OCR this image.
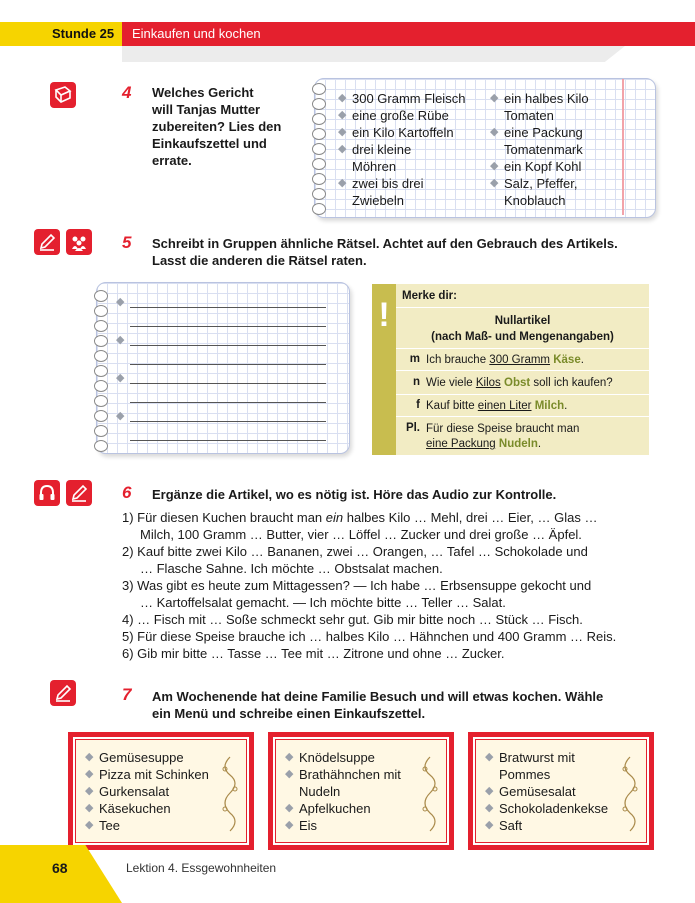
Stunde 25 Einkaufen und kochen
4 Welches Gericht
will Tanjas Mutter
zubereiten? Lies den
Einkaufszettel und
errate.
◆ 300 Gramm Fleisch
◆ eine große Rübe
◆ ein Kilo Kartoffeln
◆ drei kleine
Möhren
◆ zwei bis drei
Zwiebeln
◆ ein halbes Kilo
Tomaten
◆ eine Packung
Tomatenmark
◆ ein Kopf Kohl
◆ Salz, Pfeffer,
Knoblauch
5 Schreibt in Gruppen ähnliche Rätsel. Achtet auf den Gebrauch des Artikels.
Lasst die anderen die Rätsel raten.
◆
◆
◆
◆
! Merke dir:
Nullartikel
(nach Maß- und Mengenangaben)
m Ich brauche 300 Gramm Käse.
n Wie viele Kilos Obst soll ich kaufen?
f Kauf bitte einen Liter Milch.
Pl. Für diese Speise braucht man
eine Packung Nudeln.
6 Ergänze die Artikel, wo es nötig ist. Höre das Audio zur Kontrolle.
1) Für diesen Kuchen braucht man ein halbes Kilo … Mehl, drei … Eier, … Glas …
Milch, 100 Gramm … Butter, vier … Löffel … Zucker und drei große … Äpfel.
2) Kauf bitte zwei Kilo … Bananen, zwei … Orangen, … Tafel … Schokolade und
… Flasche Sahne. Ich möchte … Obstsalat machen.
3) Was gibt es heute zum Mittagessen? — Ich habe … Erbsensuppe gekocht und
… Kartoffelsalat gemacht. — Ich möchte bitte … Teller … Salat.
4) … Fisch mit … Soße schmeckt sehr gut. Gib mir bitte noch … Stück … Fisch.
5) Für diese Speise brauche ich … halbes Kilo … Hähnchen und 400 Gramm … Reis.
6) Gib mir bitte … Tasse … Tee mit … Zitrone und ohne … Zucker.
7 Am Wochenende hat deine Familie Besuch und will etwas kochen. Wähle
ein Menü und schreibe einen Einkaufszettel.
◆ Gemüsesuppe
◆ Pizza mit Schinken
◆ Gurkensalat
◆ Käsekuchen
◆ Tee
◆ Knödelsuppe
◆ Brathähnchen mit
Nudeln
◆ Apfelkuchen
◆ Eis
◆ Bratwurst mit
Pommes
◆ Gemüsesalat
◆ Schokoladenkekse
◆ Saft
68	Lektion 4. Essgewohnheiten
